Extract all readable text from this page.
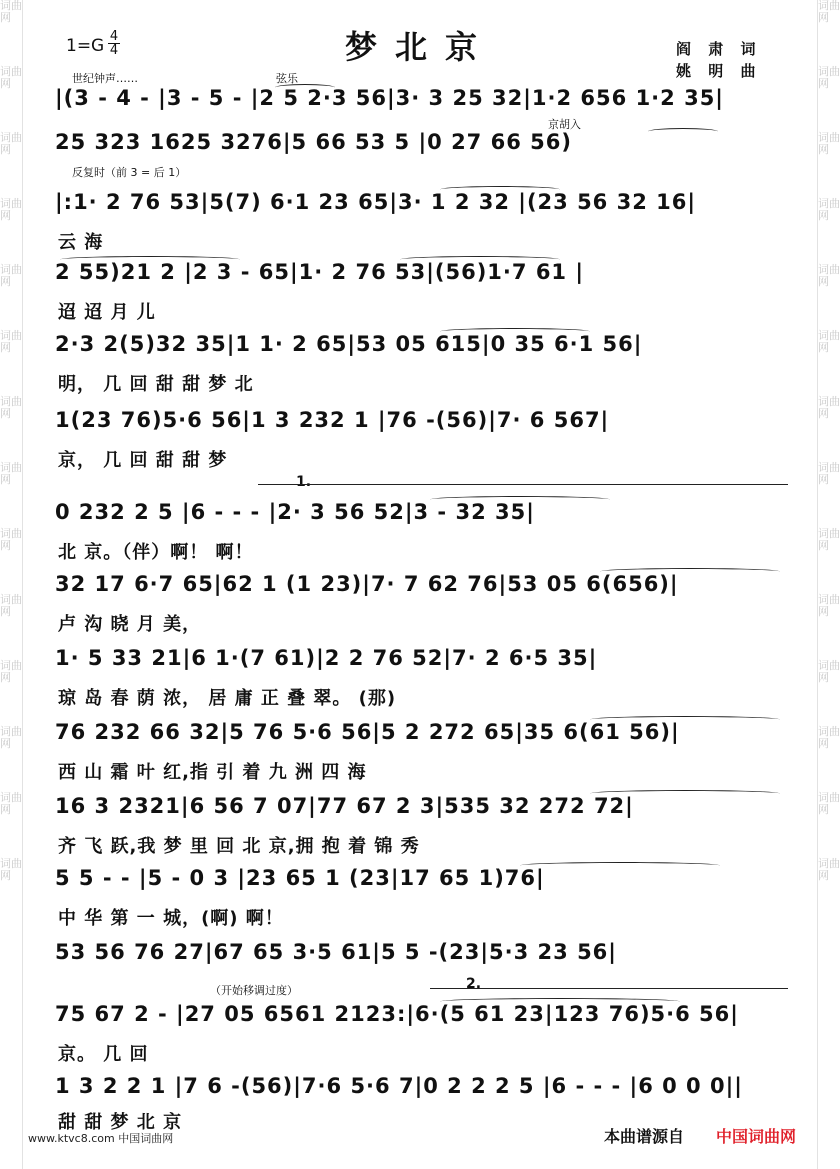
词曲网
词曲网
词曲网
词曲网
词曲网
词曲网
词曲网
词曲网
词曲网
词曲网
词曲网
词曲网
词曲网
词曲网
词曲网
词曲网
词曲网
词曲网
词曲网
词曲网
词曲网
词曲网
词曲网
词曲网
词曲网
词曲网
词曲网
词曲网
梦北京
1=G 4
4	阎 肃 词
姚 明 曲
世纪钟声……	弦乐
|(3 - 4 - |3 - 5 - |2 5 2·3 56|3· 3 25 32|1·2 656 1·2 35|
25 323 1625 3276|5 66 53 5 |0 27 66 56)
京胡入
反复时（前 3 = 后 1）
|:1· 2 76 53|5(7) 6·1 23 65|3· 1 2 32 |(23 56 32 16|
云 海
2 55)21 2 |2 3 - 65|1· 2 76 53|(56)1·7 61 |
迢 迢 月 儿
2·3 2(5)32 35|1 1· 2 65|53 05 615|0 35 6·1 56|
明， 几 回 甜 甜 梦 北
1(23 76)5·6 56|1 3 232 1 |76 -(56)|7· 6 567|
京， 几 回 甜 甜 梦
1.
0 232 2 5 |6 - - - |2· 3 56 52|3 - 32 35|
北 京。（伴）啊！ 啊！
32 17 6·7 65|62 1 (1 23)|7· 7 62 76|53 05 6(656)|
卢 沟 晓 月 美，
1· 5 33 21|6 1·(7 61)|2 2 76 52|7· 2 6·5 35|
琼 岛 春 荫 浓， 居 庸 正 叠 翠。 (那)
76 232 66 32|5 76 5·6 56|5 2 272 65|35 6(61 56)|
西 山 霜 叶 红,指 引 着 九 洲 四 海
16 3 2321|6 56 7 07|77 67 2 3|535 32 272 72|
齐 飞 跃,我 梦 里 回 北 京,拥 抱 着 锦 秀
5 5 - - |5 - 0 3 |23 65 1 (23|17 65 1)76|
中 华 第 一 城，(啊) 啊！
53 56 76 27|67 65 3·5 61|5 5 -(23|5·3 23 56|
（开始移调过度）	2.
75 67 2 - |27 05 6561 2123:|6·(5 61 23|123 76)5·6 56|
京。 几 回
1 3 2 2 1 |7 6 -(56)|7·6 5·6 7|0 2 2 2 5 |6 - - - |6 0 0 0||
甜 甜 梦 北 京
www.ktvc8.com 中国词曲网	本曲谱源自 中国词曲网
